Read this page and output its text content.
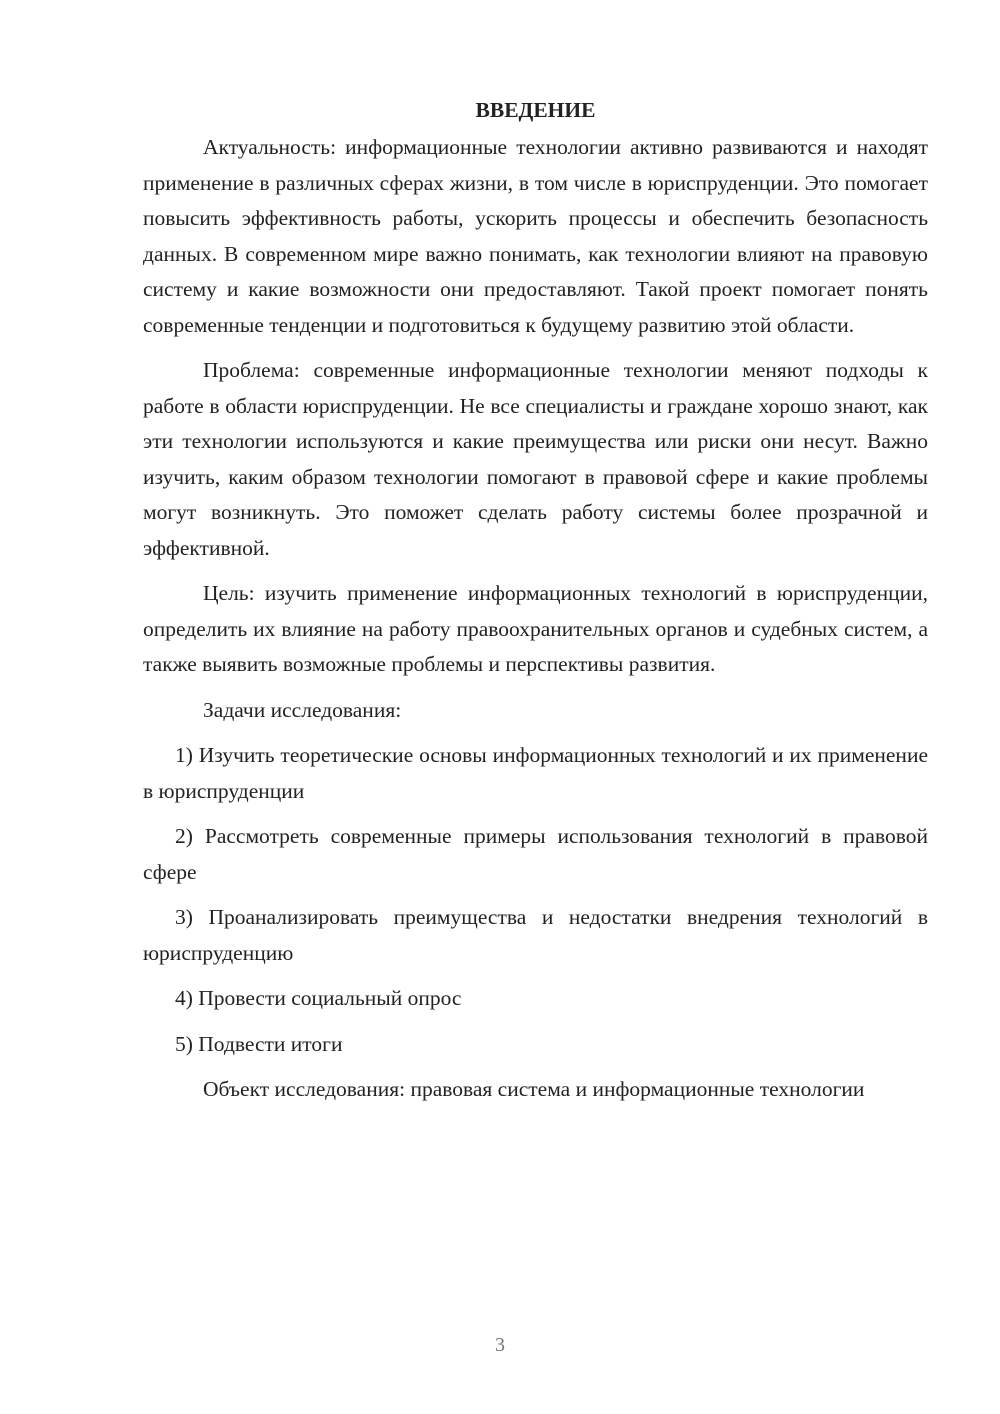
ВВЕДЕНИЕ

Актуальность: информационные технологии активно развиваются и находят применение в различных сферах жизни, в том числе в юриспруденции. Это помогает повысить эффективность работы, ускорить процессы и обеспечить безопасность данных. В современном мире важно понимать, как технологии влияют на правовую систему и какие возможности они предоставляют. Такой проект помогает понять современные тенденции и подготовиться к будущему развитию этой области.

Проблема: современные информационные технологии меняют подходы к работе в области юриспруденции. Не все специалисты и граждане хорошо знают, как эти технологии используются и какие преимущества или риски они несут. Важно изучить, каким образом технологии помогают в правовой сфере и какие проблемы могут возникнуть. Это поможет сделать работу системы более прозрачной и эффективной.

Цель: изучить применение информационных технологий в юриспруденции, определить их влияние на работу правоохранительных органов и судебных систем, а также выявить возможные проблемы и перспективы развития.

Задачи исследования:

1) Изучить теоретические основы информационных технологий и их применение в юриспруденции

2) Рассмотреть современные примеры использования технологий в правовой сфере

3) Проанализировать преимущества и недостатки внедрения технологий в юриспруденцию

4) Провести социальный опрос

5) Подвести итоги

Объект исследования: правовая система и информационные технологии

3
